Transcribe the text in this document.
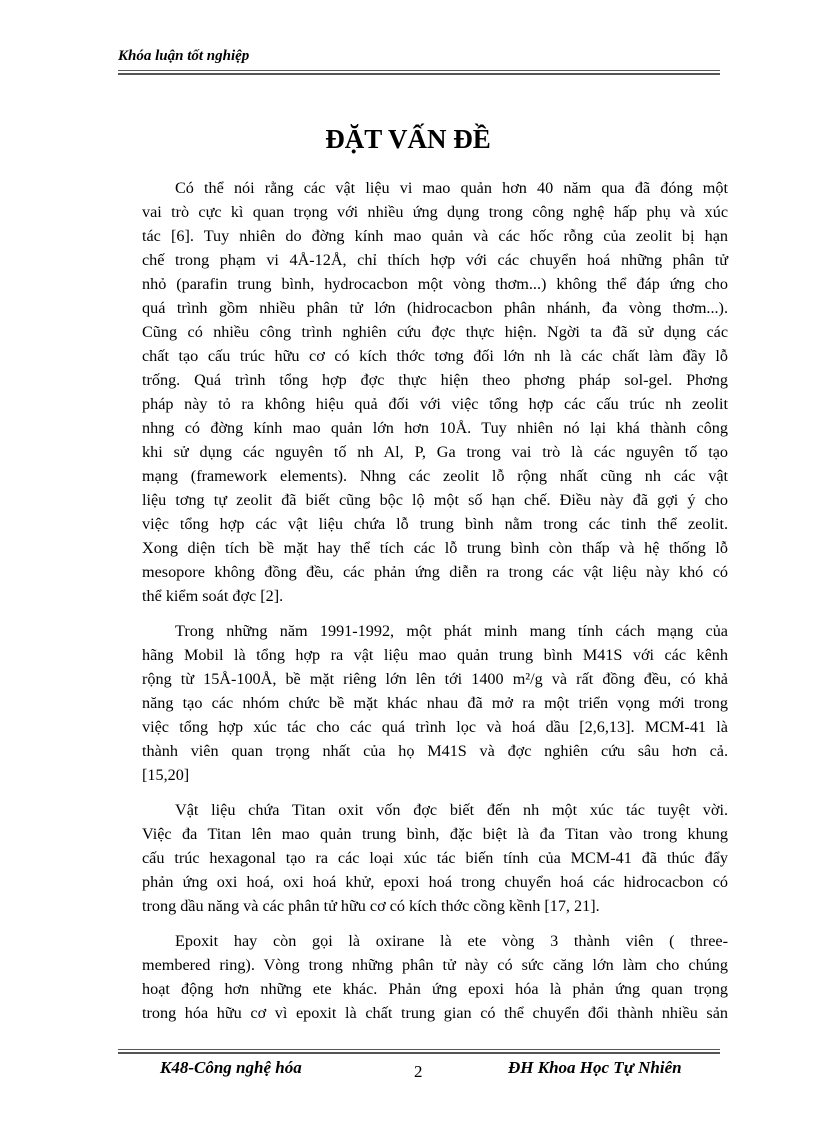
Khóa luận tốt nghiệp
ĐẶT VẤN ĐỀ
Có thể nói rằng các vật liệu vi mao quản hơn 40 năm qua đã đóng một
vai trò cực kì quan trọng với nhiều ứng dụng trong công nghệ hấp phụ và xúc
tác [6]. Tuy nhiên do đờng kính mao quản và các hốc rỗng của zeolit bị hạn
chế trong phạm vi 4Å-12Å, chỉ thích hợp với các chuyển hoá những phân tử
nhỏ (parafin trung bình, hydrocacbon một vòng thơm...) không thể đáp ứng cho
quá trình gồm nhiều phân tử lớn (hidrocacbon phân nhánh, đa vòng thơm...).
Cũng có nhiều công trình nghiên cứu đợc thực hiện. Ngời ta đã sử dụng các
chất tạo cấu trúc hữu cơ có kích thớc tơng đối lớn nh là các chất làm đầy lỗ
trống. Quá trình tổng hợp đợc thực hiện theo phơng pháp sol-gel. Phơng
pháp này tỏ ra không hiệu quả đối với việc tổng hợp các cấu trúc nh zeolit
nhng có đờng kính mao quản lớn hơn 10Å. Tuy nhiên nó lại khá thành công
khi sử dụng các nguyên tố nh Al, P, Ga trong vai trò là các nguyên tố tạo
mạng (framework elements). Nhng các zeolit lỗ rộng nhất cũng nh các vật
liệu tơng tự zeolit đã biết cũng bộc lộ một số hạn chế. Điều này đã gợi ý cho
việc tổng hợp các vật liệu chứa lỗ trung bình nằm trong các tinh thể zeolit.
Xong diện tích bề mặt hay thể tích các lỗ trung bình còn thấp và hệ thống lỗ
mesopore không đồng đều, các phản ứng diễn ra trong các vật liệu này khó có
thể kiểm soát đợc [2].
Trong những năm 1991-1992, một phát minh mang tính cách mạng của
hãng Mobil là tổng hợp ra vật liệu mao quản trung bình M41S với các kênh
rộng từ 15Å-100Å, bề mặt riêng lớn lên tới 1400 m²/g và rất đồng đều, có khả
năng tạo các nhóm chức bề mặt khác nhau đã mở ra một triển vọng mới trong
việc tổng hợp xúc tác cho các quá trình lọc và hoá dầu [2,6,13]. MCM-41 là
thành viên quan trọng nhất của họ M41S và đợc nghiên cứu sâu hơn cả.
[15,20]
Vật liệu chứa Titan oxit vốn đợc biết đến nh một xúc tác tuyệt vời.
Việc đa Titan lên mao quản trung bình, đặc biệt là đa Titan vào trong khung
cấu trúc hexagonal tạo ra các loại xúc tác biến tính của MCM-41 đã thúc đẩy
phản ứng oxi hoá, oxi hoá khử, epoxi hoá trong chuyển hoá các hidrocacbon có
trong dầu năng và các phân tử hữu cơ có kích thớc cồng kềnh [17, 21].
Epoxit hay còn gọi là oxirane là ete vòng 3 thành viên ( three-
membered ring). Vòng trong những phân tử này có sức căng lớn làm cho chúng
hoạt động hơn những ete khác. Phản ứng epoxi hóa là phản ứng quan trọng
trong hóa hữu cơ vì epoxit là chất trung gian có thể chuyển đổi thành nhiều sản
K48-Công nghệ hóa	2	ĐH Khoa Học Tự Nhiên
